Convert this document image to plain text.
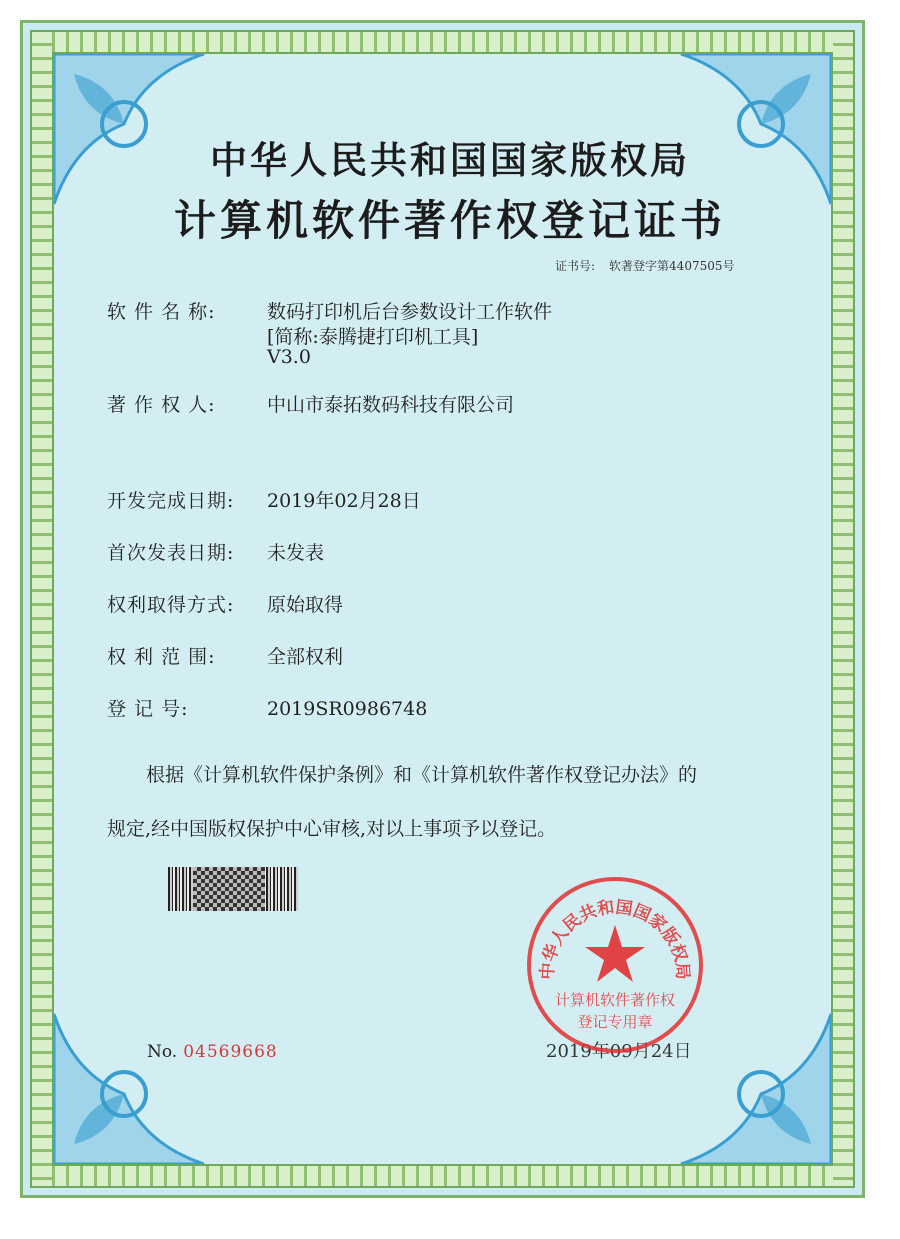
中华人民共和国国家版权局
计算机软件著作权登记证书
证书号: 软著登字第4407505号
软 件 名 称:	数码打印机后台参数设计工作软件
[简称:泰腾捷打印机工具]
V3.0
著 作 权 人:	中山市泰拓数码科技有限公司
开发完成日期: 2019年02月28日
首次发表日期: 未发表
权利取得方式: 原始取得
权 利 范 围:	全部权利
登 记 号:	2019SR0986748
根据《计算机软件保护条例》和《计算机软件著作权登记办法》的
规定,经中国版权保护中心审核,对以上事项予以登记。
No. 04569668	2019年09月24日
中华人民共和国国家版权局
计算机软件著作权
登记专用章
